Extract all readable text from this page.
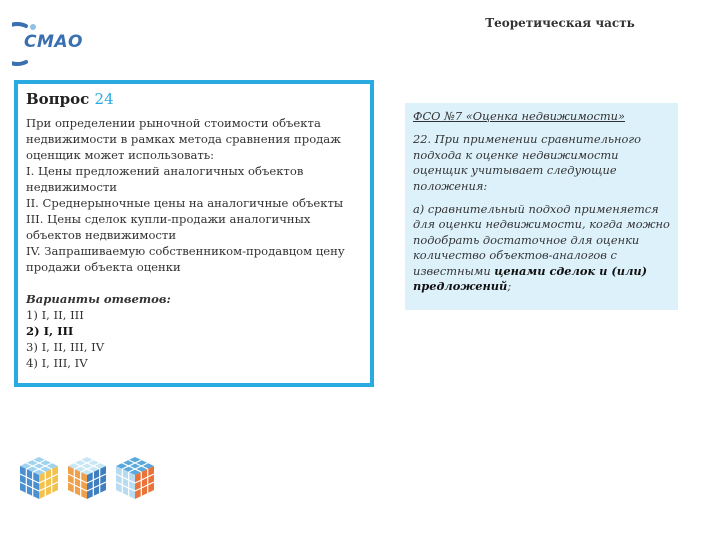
Теоретическая часть
СМАО
Вопрос 24
При определении рыночной стоимости объекта
недвижимости в рамках метода сравнения продаж
оценщик может использовать:
I. Цены предложений аналогичных объектов
недвижимости
II. Среднерыночные цены на аналогичные объекты
III. Цены сделок купли-продажи аналогичных
объектов недвижимости
IV. Запрашиваемую собственником-продавцом цену
продажи объекта оценки
Варианты ответов:
1) I, II, III
2) I, III
3) I, II, III, IV
4) I, III, IV
ФСО №7 «Оценка недвижимости»
22. При применении сравнительного подхода к оценке недвижимости оценщик учитывает следующие положения:
а) сравнительный подход применяется для оценки недвижимости, когда можно подобрать достаточное для оценки количество объектов-аналогов с известными ценами сделок и (или) предложений;
